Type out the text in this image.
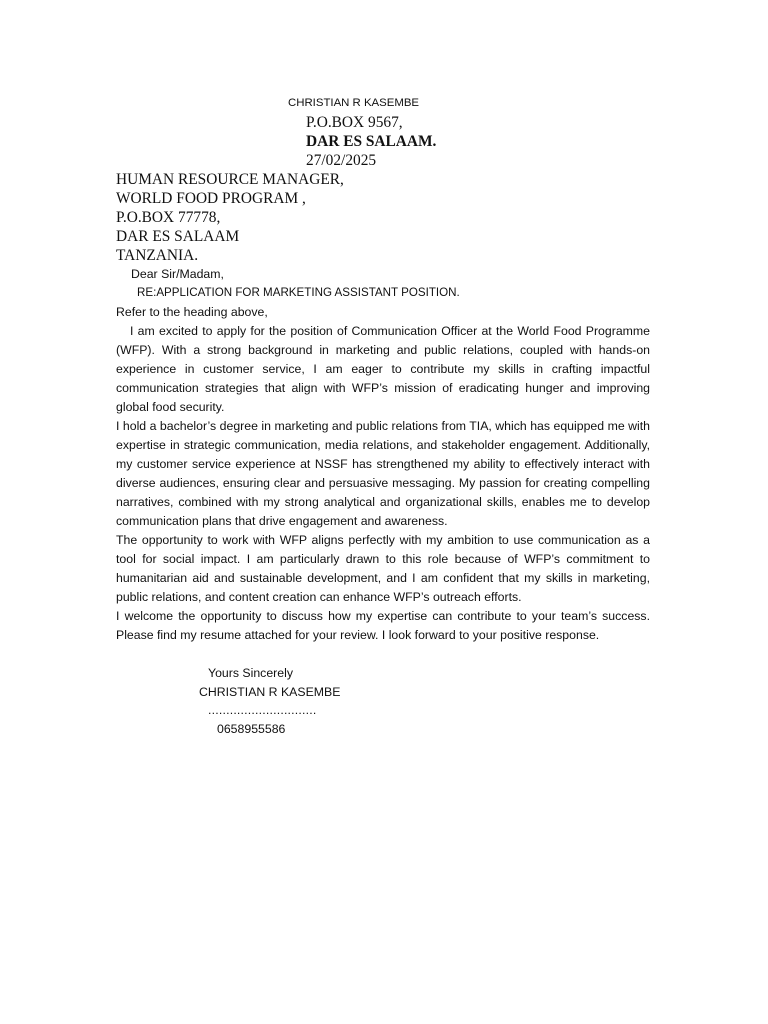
CHRISTIAN R KASEMBE
P.O.BOX 9567,
DAR ES SALAAM.
27/02/2025
HUMAN RESOURCE MANAGER,
WORLD FOOD PROGRAM ,
P.O.BOX 77778,
DAR ES SALAAM
TANZANIA.
Dear Sir/Madam,
RE:APPLICATION FOR MARKETING ASSISTANT POSITION.
Refer to the heading above,

I am excited to apply for the position of Communication Officer at the World Food Programme (WFP). With a strong background in marketing and public relations, coupled with hands-on experience in customer service, I am eager to contribute my skills in crafting impactful communication strategies that align with WFP’s mission of eradicating hunger and improving global food security.

I hold a bachelor’s degree in marketing and public relations from TIA, which has equipped me with expertise in strategic communication, media relations, and stakeholder engagement. Additionally, my customer service experience at NSSF has strengthened my ability to effectively interact with diverse audiences, ensuring clear and persuasive messaging. My passion for creating compelling narratives, combined with my strong analytical and organizational skills, enables me to develop communication plans that drive engagement and awareness.

The opportunity to work with WFP aligns perfectly with my ambition to use communication as a tool for social impact. I am particularly drawn to this role because of WFP’s commitment to humanitarian aid and sustainable development, and I am confident that my skills in marketing, public relations, and content creation can enhance WFP’s outreach efforts.

I welcome the opportunity to discuss how my expertise can contribute to your team’s success. Please find my resume attached for your review. I look forward to your positive response.

Yours Sincerely
CHRISTIAN R KASEMBE
..............................
0658955586
